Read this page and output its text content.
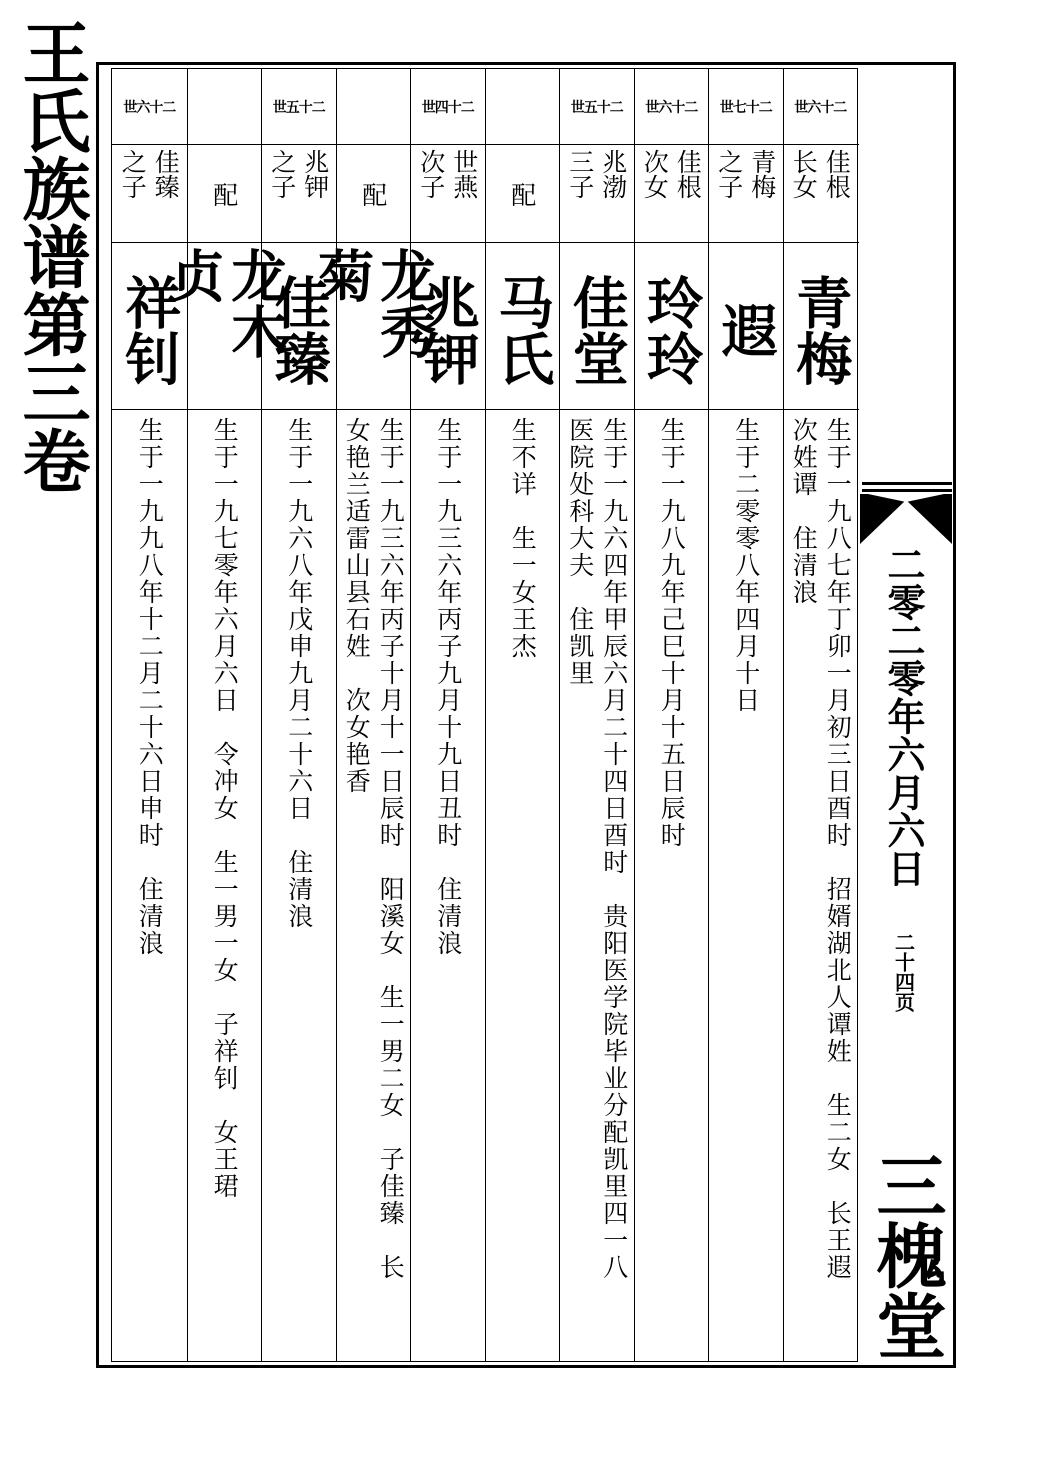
世六十二
佳根
长女
青梅
生于一九八七年丁卯一月初三日酉时　招婿湖北人谭姓　生二女　长王遐
次姓谭　住清浪
世七十二
青梅
之子
遐
生于二零零八年四月十日
世六十二
佳根
次女
玲玲
生于一九八九年己巳十月十五日辰时
世五十二
兆渤
三子
佳堂
生于一九六四年甲辰六月二十四日酉时　贵阳医学院毕业分配凯里四一八
医院处科大夫　住凯里
配
马氏
生不详　生一女王杰
世四十二
世燕
次子
兆钾
生于一九三六年丙子九月十九日丑时　住清浪
配
龙秀菊
生于一九三六年丙子十月十一日辰时　阳溪女　生一男二女　子佳臻　长
女艳兰适雷山县石姓　次女艳香
世五十二
兆钾
之子
佳臻
生于一九六八年戊申九月二十六日　住清浪
配
龙木贞
生于一九七零年六月六日　令冲女　生一男一女　子祥钊　女王珺
世六十二
佳臻
之子
祥钊
生于一九九八年十二月二十六日申时　住清浪
王氏族谱第三卷
二零二零年六月六日
二十四页
三槐堂
